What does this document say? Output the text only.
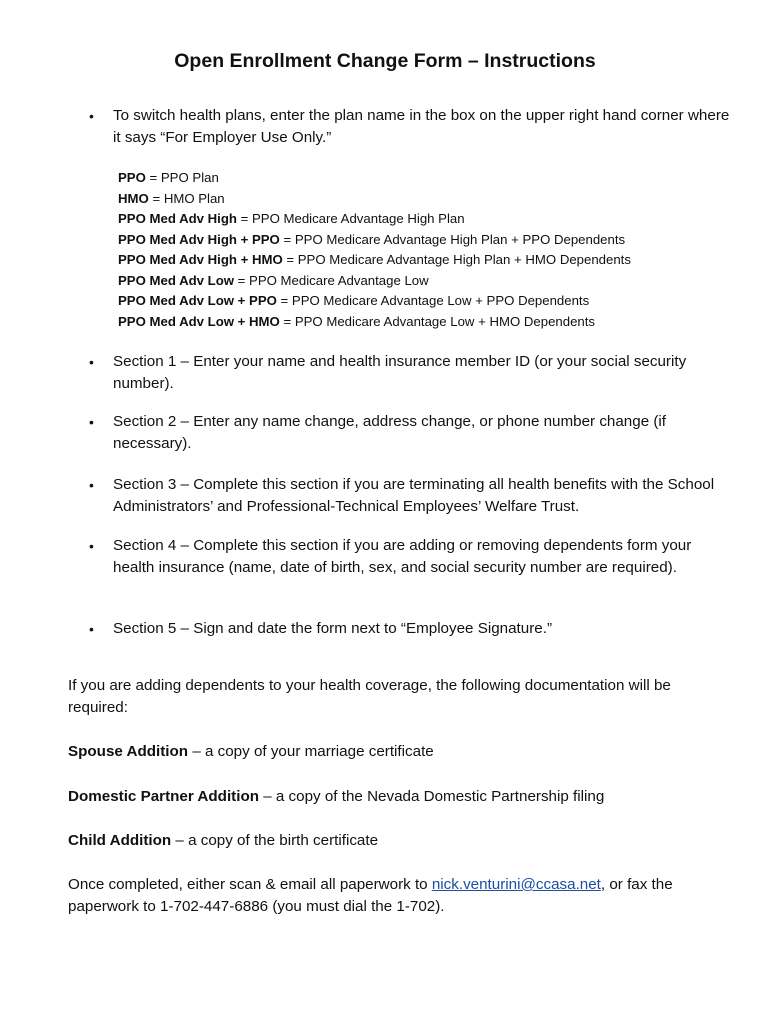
Open Enrollment Change Form – Instructions
• To switch health plans, enter the plan name in the box on the upper right hand corner where it says “For Employer Use Only.”
PPO = PPO Plan
HMO = HMO Plan
PPO Med Adv High = PPO Medicare Advantage High Plan
PPO Med Adv High + PPO = PPO Medicare Advantage High Plan + PPO Dependents
PPO Med Adv High + HMO = PPO Medicare Advantage High Plan + HMO Dependents
PPO Med Adv Low = PPO Medicare Advantage Low
PPO Med Adv Low + PPO = PPO Medicare Advantage Low + PPO Dependents
PPO Med Adv Low + HMO = PPO Medicare Advantage Low + HMO Dependents
• Section 1 – Enter your name and health insurance member ID (or your social security number).
• Section 2 – Enter any name change, address change, or phone number change (if necessary).
• Section 3 – Complete this section if you are terminating all health benefits with the School Administrators’ and Professional-Technical Employees’ Welfare Trust.
• Section 4 – Complete this section if you are adding or removing dependents form your health insurance (name, date of birth, sex, and social security number are required).
• Section 5 – Sign and date the form next to “Employee Signature.”
If you are adding dependents to your health coverage, the following documentation will be required:
Spouse Addition – a copy of your marriage certificate
Domestic Partner Addition – a copy of the Nevada Domestic Partnership filing
Child Addition – a copy of the birth certificate
Once completed, either scan & email all paperwork to nick.venturini@ccasa.net, or fax the paperwork to 1-702-447-6886 (you must dial the 1-702).
